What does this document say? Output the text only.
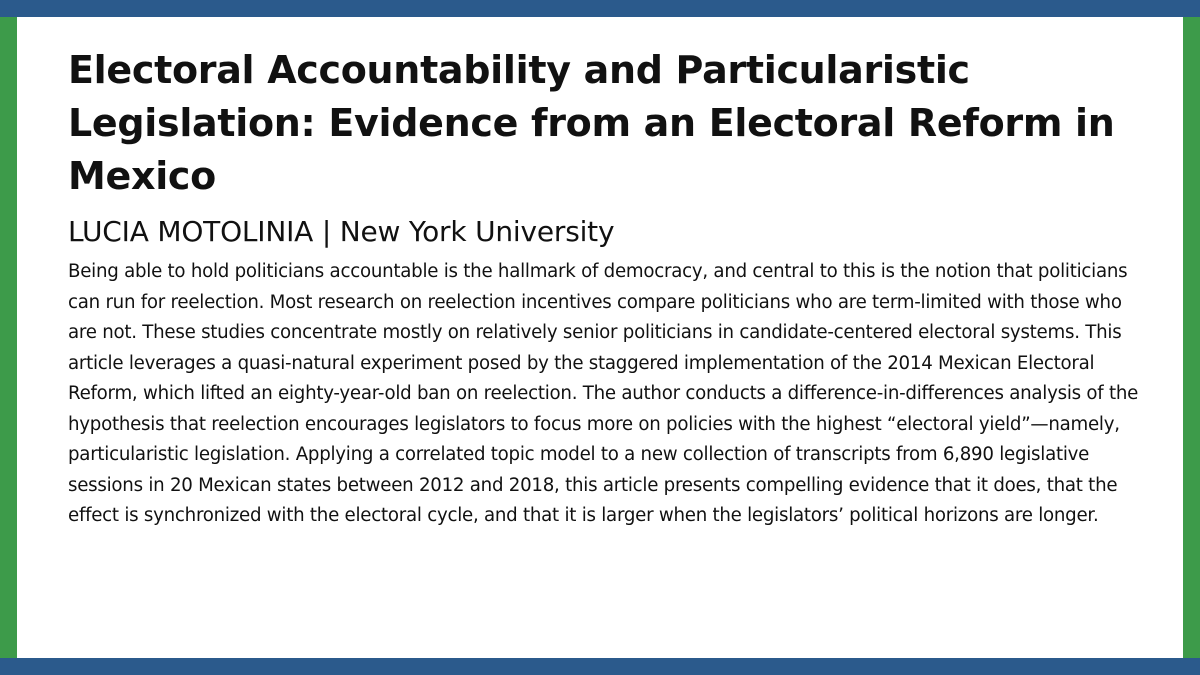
Electoral Accountability and Particularistic Legislation: Evidence from an Electoral Reform in Mexico

LUCIA MOTOLINIA | New York University

Being able to hold politicians accountable is the hallmark of democracy, and central to this is the notion that politicians can run for reelection. Most research on reelection incentives compare politicians who are term-limited with those who are not. These studies concentrate mostly on relatively senior politicians in candidate-centered electoral systems. This article leverages a quasi-natural experiment posed by the staggered implementation of the 2014 Mexican Electoral Reform, which lifted an eighty-year-old ban on reelection. The author conducts a difference-in-differences analysis of the hypothesis that reelection encourages legislators to focus more on policies with the highest “electoral yield”—namely, particularistic legislation. Applying a correlated topic model to a new collection of transcripts from 6,890 legislative sessions in 20 Mexican states between 2012 and 2018, this article presents compelling evidence that it does, that the effect is synchronized with the electoral cycle, and that it is larger when the legislators’ political horizons are longer.
